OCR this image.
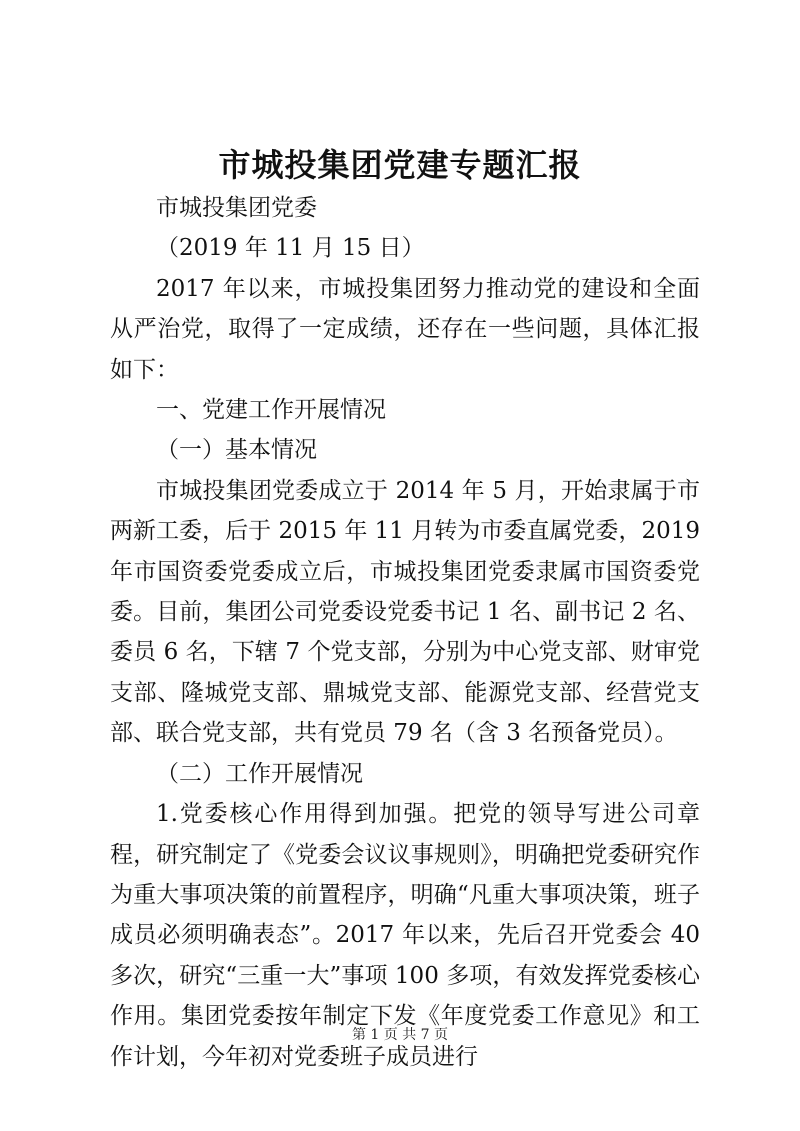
市城投集团党建专题汇报

市城投集团党委

（2019 年 11 月 15 日）

2017 年以来，市城投集团努力推动党的建设和全面从严治党，取得了一定成绩，还存在一些问题，具体汇报如下：

一、党建工作开展情况

（一）基本情况

市城投集团党委成立于 2014 年 5 月，开始隶属于市两新工委，后于 2015 年 11 月转为市委直属党委，2019 年市国资委党委成立后，市城投集团党委隶属市国资委党委。目前，集团公司党委设党委书记 1 名、副书记 2 名、委员 6 名，下辖 7 个党支部，分别为中心党支部、财审党支部、隆城党支部、鼎城党支部、能源党支部、经营党支部、联合党支部，共有党员 79 名（含 3 名预备党员）。

（二）工作开展情况

1.党委核心作用得到加强。把党的领导写进公司章程，研究制定了《党委会议议事规则》，明确把党委研究作为重大事项决策的前置程序，明确“凡重大事项决策，班子成员必须明确表态”。2017 年以来，先后召开党委会 40 多次，研究“三重一大”事项 100 多项，有效发挥党委核心作用。集团党委按年制定下发《年度党委工作意见》和工作计划，今年初对党委班子成员进行

第 1 页 共 7 页
